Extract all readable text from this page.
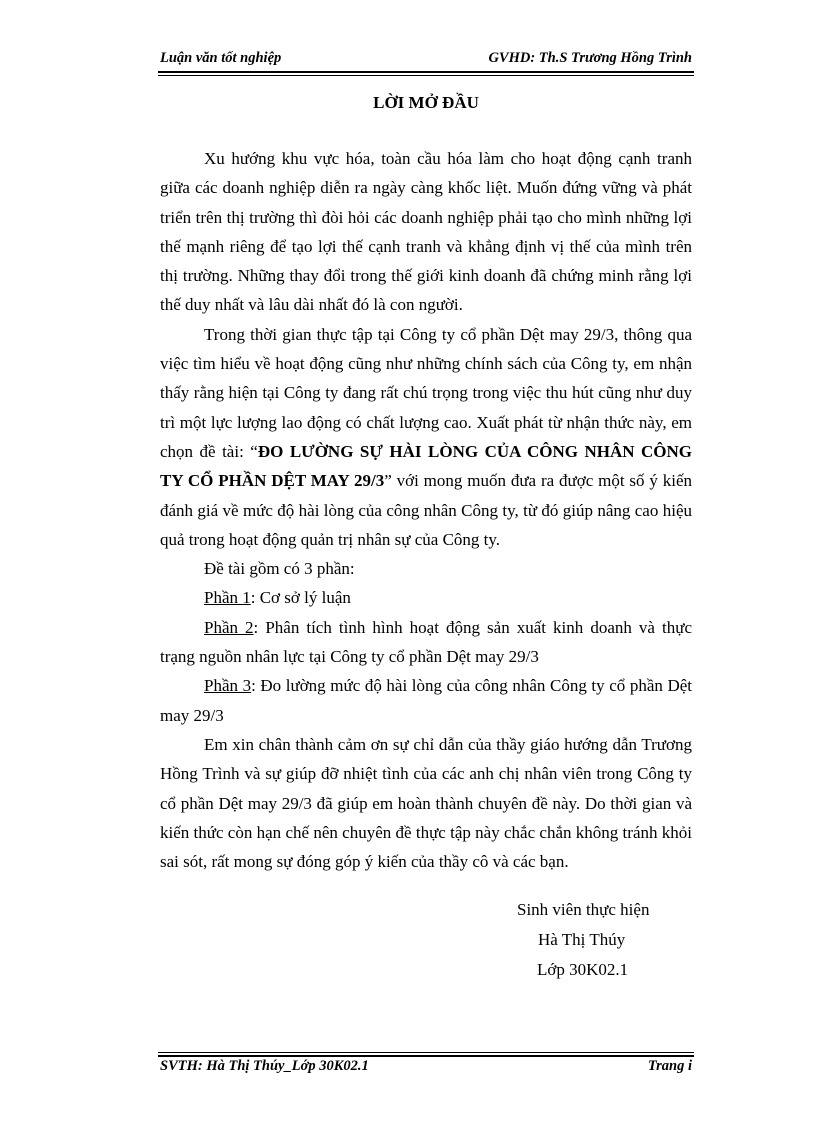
Luận văn tốt nghiệp	GVHD: Th.S Trương Hồng Trình
LỜI MỞ ĐẦU

Xu hướng khu vực hóa, toàn cầu hóa làm cho hoạt động cạnh tranh giữa các doanh nghiệp diễn ra ngày càng khốc liệt. Muốn đứng vững và phát triển trên thị trường thì đòi hỏi các doanh nghiệp phải tạo cho mình những lợi thế mạnh riêng để tạo lợi thế cạnh tranh và khẳng định vị thế của mình trên thị trường. Những thay đổi trong thế giới kinh doanh đã chứng minh rằng lợi thế duy nhất và lâu dài nhất đó là con người.

Trong thời gian thực tập tại Công ty cổ phần Dệt may 29/3, thông qua việc tìm hiểu về hoạt động cũng như những chính sách của Công ty, em nhận thấy rằng hiện tại Công ty đang rất chú trọng trong việc thu hút cũng như duy trì một lực lượng lao động có chất lượng cao. Xuất phát từ nhận thức này, em chọn đề tài: “ĐO LƯỜNG SỰ HÀI LÒNG CỦA CÔNG NHÂN CÔNG TY CỔ PHẦN DỆT MAY 29/3” với mong muốn đưa ra được một số ý kiến đánh giá về mức độ hài lòng của công nhân Công ty, từ đó giúp nâng cao hiệu quả trong hoạt động quản trị nhân sự của Công ty.

Đề tài gồm có 3 phần:

Phần 1: Cơ sở lý luận

Phần 2: Phân tích tình hình hoạt động sản xuất kinh doanh và thực trạng nguồn nhân lực tại Công ty cổ phần Dệt may 29/3

Phần 3: Đo lường mức độ hài lòng của công nhân Công ty cổ phần Dệt may 29/3

Em xin chân thành cảm ơn sự chỉ dẫn của thầy giáo hướng dẫn Trương Hồng Trình và sự giúp đỡ nhiệt tình của các anh chị nhân viên trong Công ty cổ phần Dệt may 29/3 đã giúp em hoàn thành chuyên đề này. Do thời gian và kiến thức còn hạn chế nên chuyên đề thực tập này chắc chắn không tránh khỏi sai sót, rất mong sự đóng góp ý kiến của thầy cô và các bạn.

Sinh viên thực hiện
Hà Thị Thúy
Lớp 30K02.1
SVTH: Hà Thị Thúy_Lớp 30K02.1	Trang i
